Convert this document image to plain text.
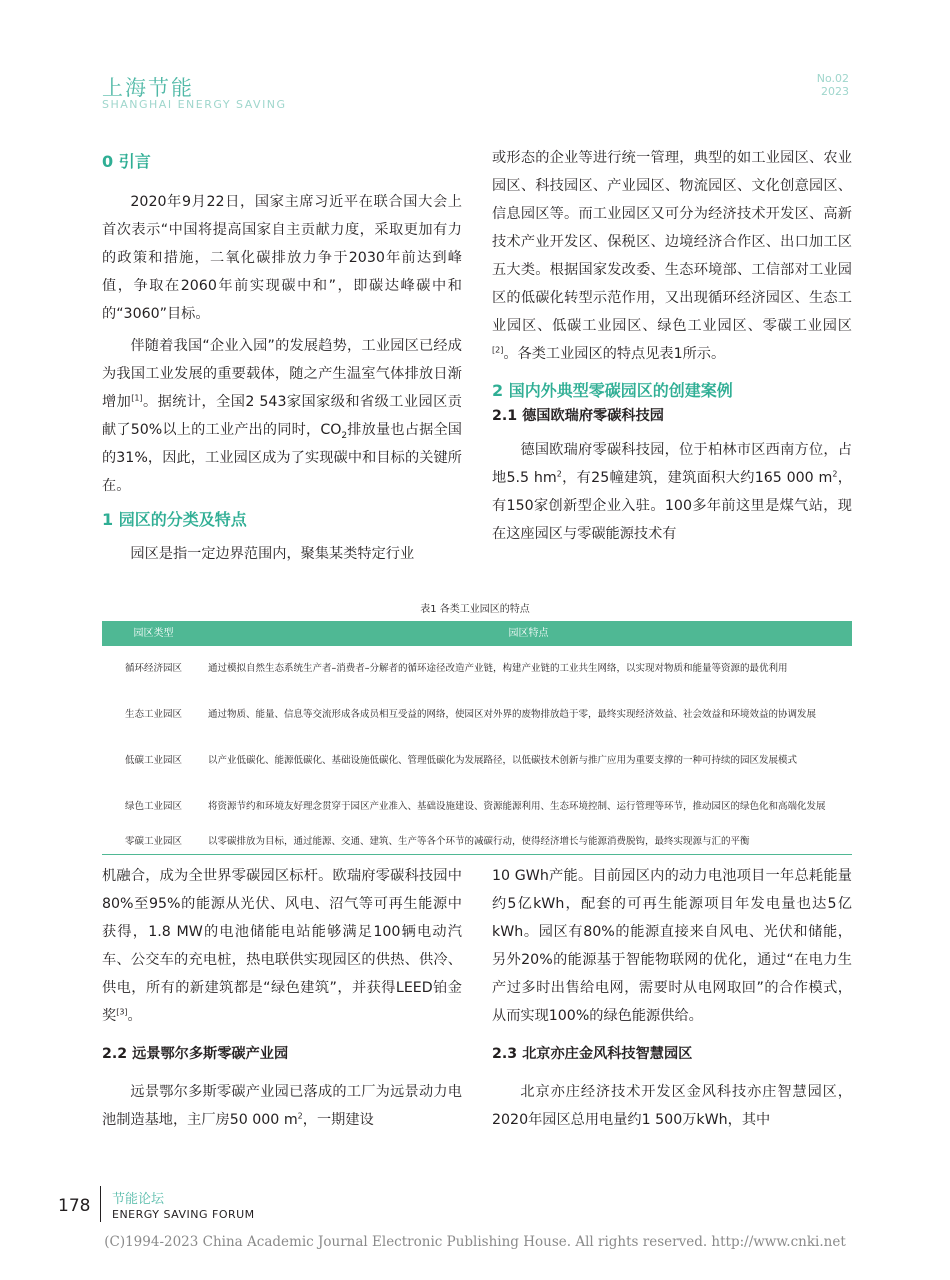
上海节能
SHANGHAI ENERGY SAVING
No.02
2023
0 引言

2020年9月22日，国家主席习近平在联合国大会上首次表示“中国将提高国家自主贡献力度，采取更加有力的政策和措施，二氧化碳排放力争于2030年前达到峰值，争取在2060年前实现碳中和”，即碳达峰碳中和的“3060”目标。

伴随着我国“企业入园”的发展趋势，工业园区已经成为我国工业发展的重要载体，随之产生温室气体排放日渐增加[1]。据统计，全国2 543家国家级和省级工业园区贡献了50%以上的工业产出的同时，$CO_2$排放量也占据全国的31%，因此，工业园区成为了实现碳中和目标的关键所在。

1 园区的分类及特点

园区是指一定边界范围内，聚集某类特定行业

或形态的企业等进行统一管理，典型的如工业园区、农业园区、科技园区、产业园区、物流园区、文化创意园区、信息园区等。而工业园区又可分为经济技术开发区、高新技术产业开发区、保税区、边境经济合作区、出口加工区五大类。根据国家发改委、生态环境部、工信部对工业园区的低碳化转型示范作用，又出现循环经济园区、生态工业园区、低碳工业园区、绿色工业园区、零碳工业园区[2]。各类工业园区的特点见表1所示。

2 国内外典型零碳园区的创建案例
2.1 德国欧瑞府零碳科技园

德国欧瑞府零碳科技园，位于柏林市区西南方位，占地5.5 $hm^2$，有25幢建筑，建筑面积大约165 000 $m^2$，有150家创新型企业入驻。100多年前这里是煤气站，现在这座园区与零碳能源技术有

表1 各类工业园区的特点
园区类型	园区特点
循环经济园区	通过模拟自然生态系统生产者–消费者–分解者的循环途径改造产业链，构建产业链的工业共生网络，以实现对物质和能量等资源的最优利用
生态工业园区	通过物质、能量、信息等交流形成各成员相互受益的网络，使园区对外界的废物排放趋于零，最终实现经济效益、社会效益和环境效益的协调发展
低碳工业园区	以产业低碳化、能源低碳化、基础设施低碳化、管理低碳化为发展路径，以低碳技术创新与推广应用为重要支撑的一种可持续的园区发展模式
绿色工业园区	将资源节约和环境友好理念贯穿于园区产业准入、基础设施建设、资源能源利用、生态环境控制、运行管理等环节，推动园区的绿色化和高端化发展
零碳工业园区	以零碳排放为目标，通过能源、交通、建筑、生产等各个环节的减碳行动，使得经济增长与能源消费脱钩，最终实现源与汇的平衡

机融合，成为全世界零碳园区标杆。欧瑞府零碳科技园中80%至95%的能源从光伏、风电、沼气等可再生能源中获得，1.8 MW的电池储能电站能够满足100辆电动汽车、公交车的充电桩，热电联供实现园区的供热、供冷、供电，所有的新建筑都是“绿色建筑”，并获得LEED铂金奖[3]。

2.2 远景鄂尔多斯零碳产业园

远景鄂尔多斯零碳产业园已落成的工厂为远景动力电池制造基地，主厂房50 000 $m^2$，一期建设

10 GWh产能。目前园区内的动力电池项目一年总耗能量约5亿kWh，配套的可再生能源项目年发电量也达5亿kWh。园区有80%的能源直接来自风电、光伏和储能，另外20%的能源基于智能物联网的优化，通过“在电力生产过多时出售给电网，需要时从电网取回”的合作模式，从而实现100%的绿色能源供给。

2.3 北京亦庄金风科技智慧园区

北京亦庄经济技术开发区金风科技亦庄智慧园区，2020年园区总用电量约1 500万kWh，其中

178 节能论坛
ENERGY SAVING FORUM
(C)1994-2023 China Academic Journal Electronic Publishing House. All rights reserved. http://www.cnki.net
